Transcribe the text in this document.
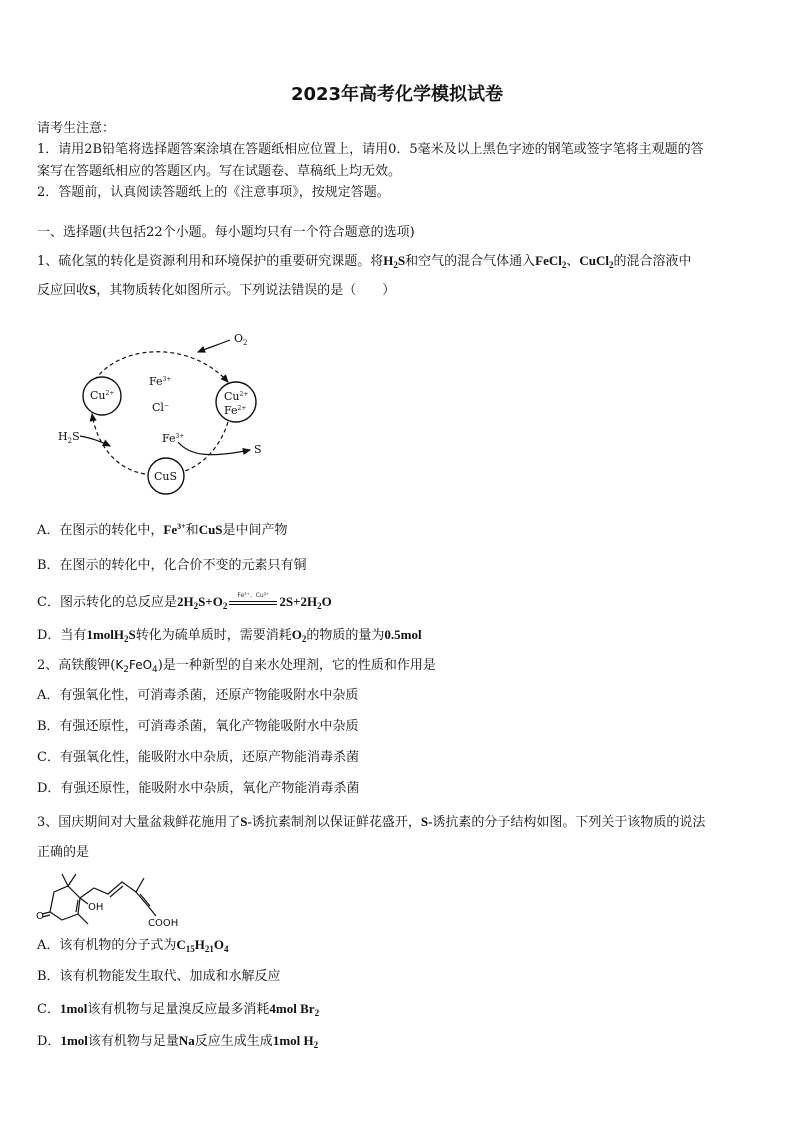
2023年高考化学模拟试卷
请考生注意：
1．请用2B铅笔将选择题答案涂填在答题纸相应位置上，请用0．5毫米及以上黑色字迹的钢笔或签字笔将主观题的答
案写在答题纸相应的答题区内。写在试题卷、草稿纸上均无效。
2．答题前，认真阅读答题纸上的《注意事项》，按规定答题。
一、选择题(共包括22个小题。每小题均只有一个符合题意的选项)
1、硫化氢的转化是资源利用和环境保护的重要研究课题。将$H_2S$和空气的混合气体通入FeCl$_2$、CuCl$_2$的混合溶液中
反应回收S，其物质转化如图所示。下列说法错误的是（　　）
$O_2$
$Cu^{2+}$
$Fe^{3+}$
Cl−
$Cu^{2+}$
$Fe^{2+}$
$H_2S$	$Fe^{3+}$
S
CuS
A．在图示的转化中，$Fe^{3+}$和CuS是中间产物
B．在图示的转化中，化合价不变的元素只有铜
C．图示转化的总反应是$2H_2S+O_2$
Fe³⁺、Cu²⁺ $2S+2H_2O$
D．当有1molH$_2$S转化为硫单质时，需要消耗$O_2$的物质的量为0.5mol
2、高铁酸钾$(K_2FeO_4)$是一种新型的自来水处理剂，它的性质和作用是
A．有强氧化性，可消毒杀菌，还原产物能吸附水中杂质
B．有强还原性，可消毒杀菌，氧化产物能吸附水中杂质
C．有强氧化性，能吸附水中杂质，还原产物能消毒杀菌
D．有强还原性，能吸附水中杂质，氧化产物能消毒杀菌
3、国庆期间对大量盆栽鲜花施用了S-诱抗素制剂以保证鲜花盛开，S-诱抗素的分子结构如图。下列关于该物质的说法
正确的是
O
OH
COOH
A．该有机物的分子式为$C_{15}H_{21}O_4$
B．该有机物能发生取代、加成和水解反应
C．1mol该有机物与足量溴反应最多消耗4mol $Br_2$
D．1mol该有机物与足量Na反应生成生成1mol $H_2$
